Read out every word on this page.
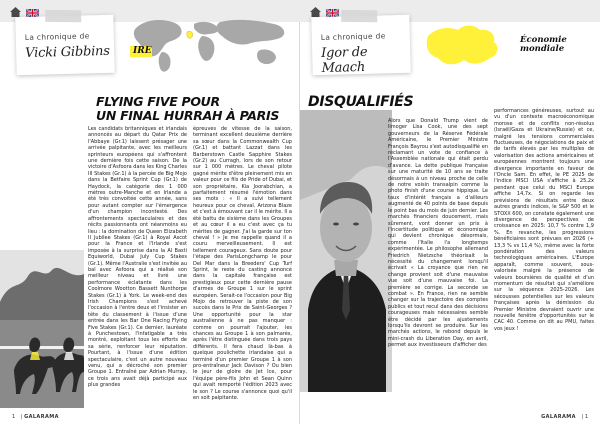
La chronique de
Vicki Gibbins	IRE
FLYING FIVE POUR
UN FINAL HURRAH À PARIS

Les candidats britanniques et irlandais annoncés au départ du Qatar Prix de l'Abbaye (Gr.1) laissent présager une arrivée palpitante, avec les meilleurs sprinteurs européens qui s'affrontent une dernière fois cette saison. De la victoire d'Asfoora dans les King Charles III Stakes (Gr.1) à la percée de Big Mojo dans la Betfaire Sprint Cup (Gr.1) de Haydock, la catégorie des 1 000 mètres outre-Manche et en Irlande a été très convoitée cette année, sans pour autant compter sur l'émergence d'un champion incontesté. Des affrontements spectaculaires et des récits passionnants ont néanmoins eu lieu : la domination de Queen Elizabeth II Jubilee Stakes (Gr.1) à Royal Ascot pour la France et l'Irlande s'est imposée à la surprise dans la Al Basti Equiworld, Dubai July Cup Stakes (Gr.1). Même l'Australie s'est invitée au bal avec Asfoora qui a réalisé son meilleur niveau et livré une performance éclatante dans les Coolmore Wootton Bassett Nunthorpe Stakes (Gr.1) à York. Le week-end des Irish Champions s'est achevé l'occasion à l'entre deux et l'insister en tête du classement à l'issue d'une entrée dans les Bar One Racing Flying Five Stakes (Gr.1). Ce dernier, lauréate à Punchestown, l'infatigable a très montré, exploitant tous les efforts de sa série, renforcer leur réputation. Pourtant, à l'issue d'une édition spectaculaire, c'est un autre nouveau venu, qui a décroché son premier Groupe 1. Entraîné par Adrian Murray, ce trois ans avait déjà participé aux plus grandes

épreuves de vitesse de la saison, terminant excellent deuxième derrière sa sœur dans la Commonwealth Cup (Gr.1) et battant Lazzat dans les Barberstown Castle Sapphire Stakes (Gr.2) au Curragh, lors de son retour sur 1 000 mètres. Le cheval pilote gagné mérite d'être pleinement mis en valeur pour ce fils de Pride of Dubai, et son propriétaire, Kia Joorabchian, a parfaitement résumé l'émotion dans ses mots : « Il a suivi tellement heureux pour ce cheval. Arizona Blaze et c'est à émouvant car il le mérite. Il a été battu de sixième dans les Groupes et au cœur il a eu c'est avec ça tu mérites de gagner. J'ai la garde sur ton cheval ! » Je me rappelle quand il a couru merveilleusement. Il est tellement courageux. Sans doute pour l'étape des ParisLongchamp le pour Del Mar dans la Breeders' Cup Turf Sprint, le reste du casting annoncé dans la capitale française est prestigieux pour cette dernière pause d'armes de Groupe 1 sur le sprint européen. Serait-ce l'occasion pour Big Mojo de retrouver la piste de son succès dans le Prix de Saint-Georges ? Une opportunité pour la star australienne à ne pas manquer : comme on pourrait l'ajouter, les chances au Groupe 1 à son palmarès, après l'être distinguée dans trois pays différents. Il fera chaud là-bas à quelque poulichette irlandaise qui a terminé d'un premier Groupe 1 à son pro-entraîneur Jack Davison ? Ou bien le jeur de gloire de Jet Ice, pour l'équipe père-fils John et Sean Quinn qui avait remporté l'édition 2023 avec le son ? Le course s'annonce quoi qu'il en soit palpitante.

1 | GALARAMA
La chronique de
Igor de Maach
Économie mondiale
DISQUALIFIÉS

Alors que Donald Trump vient de limoger Lisa Cook, une des sept gouverneurs de la Réserve Fédérale Américaine, le Premier Ministre François Bayrou s'est autodisqualifié en réclamant un vote de confiance à l'Assemblée nationale qui était perdu d'avance. La dette publique française sur une maturité de 10 ans se traite désormais à un niveau proche de celle de notre voisin transalpin comme la photo finish d'une course hippique. Le taux d'intérêt français a d'ailleurs augmenté de 40 points de base depuis le point bas du mois de juin dernier. Les marchés financiers doucement, mais sûrement, vont donner un prix à l'incertitude politique et économique qui devient chronique désormais, comme l'Italie l'a longtemps expérimentée. Le philosophe allemand Friedrich Nietzsche théorisait la nécessité du changement lorsqu'il écrivait « La croyance que rien ne change provient soit d'une mauvaise vue soit d'une mauvaise foi. La première se corrige. La seconde se combat ». En France, rien ne semble changer sur la trajectoire des comptes publics et tout recul dans des décisions courageuses mais nécessaires semble être décidé par les ajustements lorsqu'ils devront se produire. Sur les marchés actions, le rebond depuis le mini-crash du Liberation Day, en avril, permet aux investisseurs d'afficher des

performances généreuses, surtout au vu d'un contexte macroéconomique morose et de conflits non-résolus (Israël/Gaza et Ukraine/Russie) et ce, malgré les tensions commerciales fluctueuses, de négociations de paix et de tarifs élevés par les multiples de valorisation des actions américaines et européennes montrent toujours une divergence importante en faveur de l'Oncle Sam. En effet, le PE 2025 de l'indice MSCI USA s'affiche à 25,2x pendant que celui du MSCI Europe affiche 14,7x. Si on regarde les prévisions de résultats entre deux autres grands indices, le S&P 500 et le STOXX 600, on constate également une divergence de perspectives de croissance en 2025: 10,7 % contre 1,9 %. En revanche, les progressions bénéficiaires sont prévues en 2026 (+ 13,3 % vs 11,4 %), même avec la forte pondération des valeurs technologiques américaines. L'Europe apparaît, comme souvent, sous-valorisée malgré la présence de valeurs boursières de qualité et d'un momentum de résultat qui s'améliore sur la séquence 2025-2026. Les sécousses potentielles sur les valeurs françaises après la démission du Premier Ministre devraient ouvrir une nouvelle fenêtre d'opportunités sur le CAC 40. Comme on dit au PMU, faites vos jeux !

GALARAMA | 1
